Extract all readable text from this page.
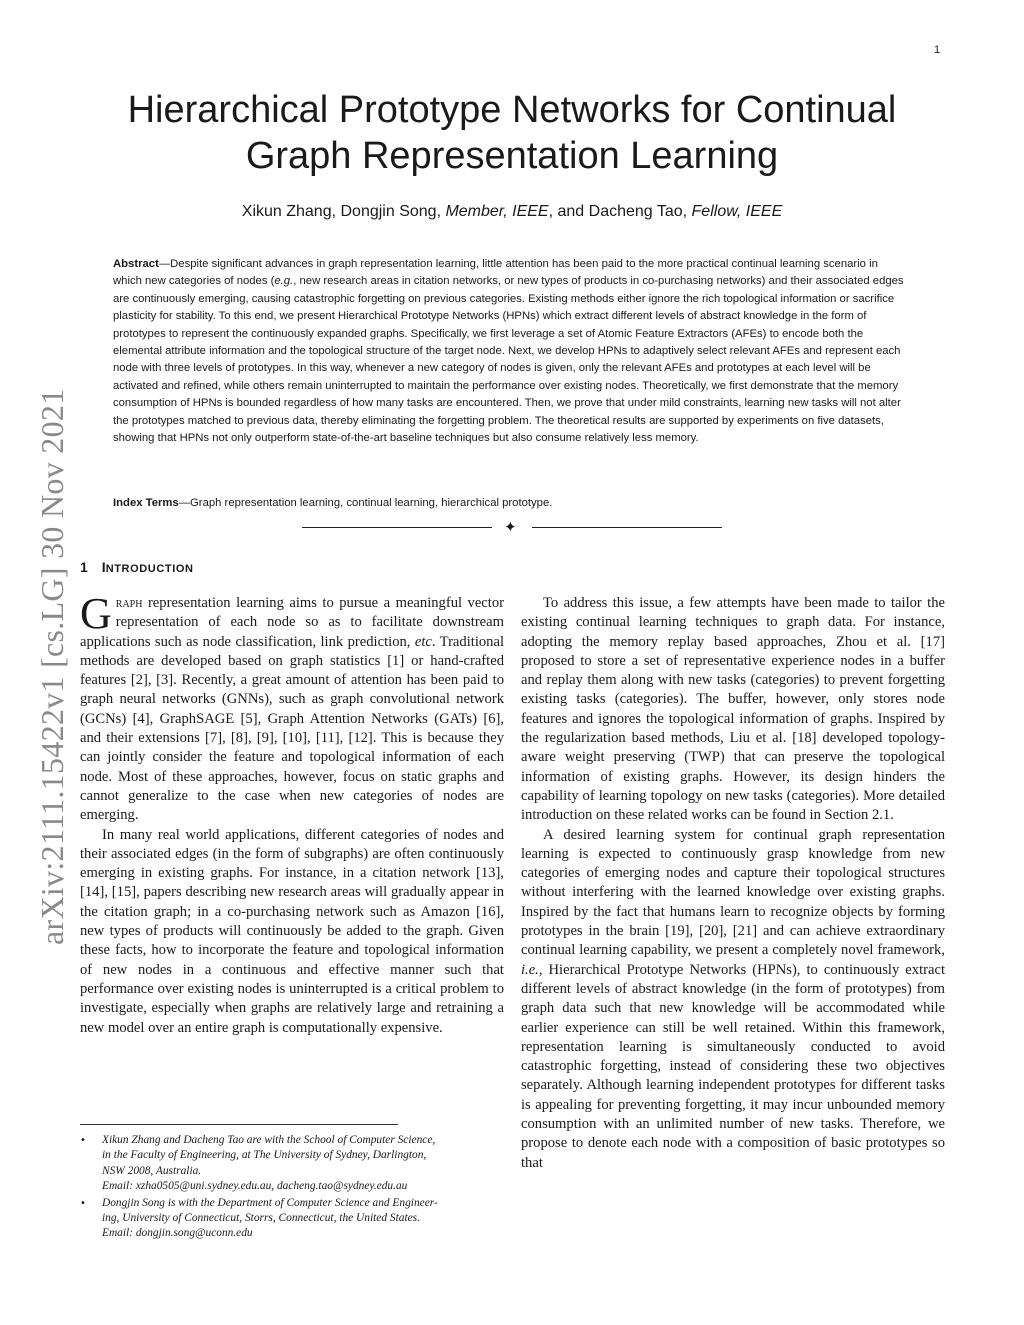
1
arXiv:2111.15422v1 [cs.LG] 30 Nov 2021
Hierarchical Prototype Networks for Continual
Graph Representation Learning
Xikun Zhang, Dongjin Song, Member, IEEE, and Dacheng Tao, Fellow, IEEE
Abstract—Despite significant advances in graph representation learning, little attention has been paid to the more practical continual learning scenario in which new categories of nodes (e.g., new research areas in citation networks, or new types of products in co-purchasing networks) and their associated edges are continuously emerging, causing catastrophic forgetting on previous categories. Existing methods either ignore the rich topological information or sacrifice plasticity for stability. To this end, we present Hierarchical Prototype Networks (HPNs) which extract different levels of abstract knowledge in the form of prototypes to represent the continuously expanded graphs. Specifically, we first leverage a set of Atomic Feature Extractors (AFEs) to encode both the elemental attribute information and the topological structure of the target node. Next, we develop HPNs to adaptively select relevant AFEs and represent each node with three levels of prototypes. In this way, whenever a new category of nodes is given, only the relevant AFEs and prototypes at each level will be activated and refined, while others remain uninterrupted to maintain the performance over existing nodes. Theoretically, we first demonstrate that the memory consumption of HPNs is bounded regardless of how many tasks are encountered. Then, we prove that under mild constraints, learning new tasks will not alter the prototypes matched to previous data, thereby eliminating the forgetting problem. The theoretical results are supported by experiments on five datasets, showing that HPNs not only outperform state-of-the-art baseline techniques but also consume relatively less memory.
Index Terms—Graph representation learning, continual learning, hierarchical prototype.
✦
1 INTRODUCTION

Graph representation learning aims to pursue a meaningful vector representation of each node so as to facilitate downstream applications such as node classification, link prediction, etc. Traditional methods are developed based on graph statistics [1] or hand-crafted features [2], [3]. Recently, a great amount of attention has been paid to graph neural networks (GNNs), such as graph convolutional network (GCNs) [4], GraphSAGE [5], Graph Attention Networks (GATs) [6], and their extensions [7], [8], [9], [10], [11], [12]. This is because they can jointly consider the feature and topological information of each node. Most of these approaches, however, focus on static graphs and cannot generalize to the case when new categories of nodes are emerging.

In many real world applications, different categories of nodes and their associated edges (in the form of subgraphs) are often continuously emerging in existing graphs. For instance, in a citation network [13], [14], [15], papers describing new research areas will gradually appear in the citation graph; in a co-purchasing network such as Amazon [16], new types of products will continuously be added to the graph. Given these facts, how to incorporate the feature and topological information of new nodes in a continuous and effective manner such that performance over existing nodes is uninterrupted is a critical problem to investigate, especially when graphs are relatively large and retraining a new model over an entire graph is computationally expensive.

To address this issue, a few attempts have been made to tailor the existing continual learning techniques to graph data. For instance, adopting the memory replay based approaches, Zhou et al. [17] proposed to store a set of representative experience nodes in a buffer and replay them along with new tasks (categories) to prevent forgetting existing tasks (categories). The buffer, however, only stores node features and ignores the topological information of graphs. Inspired by the regularization based methods, Liu et al. [18] developed topology-aware weight preserving (TWP) that can preserve the topological information of existing graphs. However, its design hinders the capability of learning topology on new tasks (categories). More detailed introduction on these related works can be found in Section 2.1.

A desired learning system for continual graph representation learning is expected to continuously grasp knowledge from new categories of emerging nodes and capture their topological structures without interfering with the learned knowledge over existing graphs. Inspired by the fact that humans learn to recognize objects by forming prototypes in the brain [19], [20], [21] and can achieve extraordinary continual learning capability, we present a completely novel framework, i.e., Hierarchical Prototype Networks (HPNs), to continuously extract different levels of abstract knowledge (in the form of prototypes) from graph data such that new knowledge will be accommodated while earlier experience can still be well retained. Within this framework, representation learning is simultaneously conducted to avoid catastrophic forgetting, instead of considering these two objectives separately. Although learning independent prototypes for different tasks is appealing for preventing forgetting, it may incur unbounded memory consumption with an unlimited number of new tasks. Therefore, we propose to denote each node with a composition of basic prototypes so that

• Xikun Zhang and Dacheng Tao are with the School of Computer Science,
in the Faculty of Engineering, at The University of Sydney, Darlington,
NSW 2008, Australia.
Email: xzha0505@uni.sydney.edu.au, dacheng.tao@sydney.edu.au
• Dongjin Song is with the Department of Computer Science and Engineer-
ing, University of Connecticut, Storrs, Connecticut, the United States.
Email: dongjin.song@uconn.edu
